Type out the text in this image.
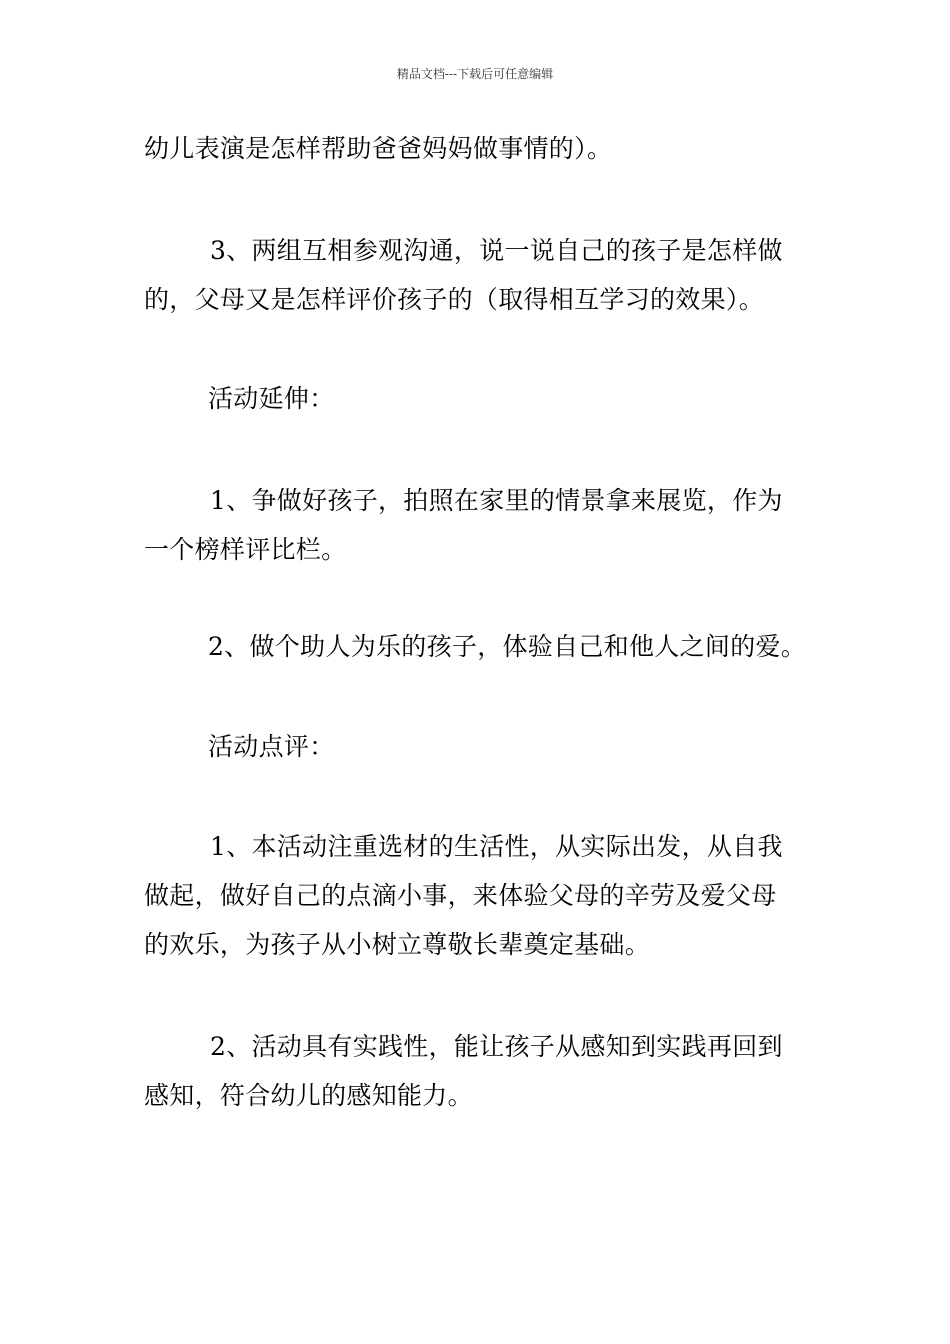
精品文档---下载后可任意编辑

幼儿表演是怎样帮助爸爸妈妈做事情的）。

3、两组互相参观沟通，说一说自己的孩子是怎样做
的，父母又是怎样评价孩子的（取得相互学习的效果）。

活动延伸：

1、争做好孩子，拍照在家里的情景拿来展览，作为
一个榜样评比栏。

2、做个助人为乐的孩子，体验自己和他人之间的爱。

活动点评：

1、本活动注重选材的生活性，从实际出发，从自我
做起，做好自己的点滴小事，来体验父母的辛劳及爱父母
的欢乐，为孩子从小树立尊敬长辈奠定基础。

2、活动具有实践性，能让孩子从感知到实践再回到
感知，符合幼儿的感知能力。
